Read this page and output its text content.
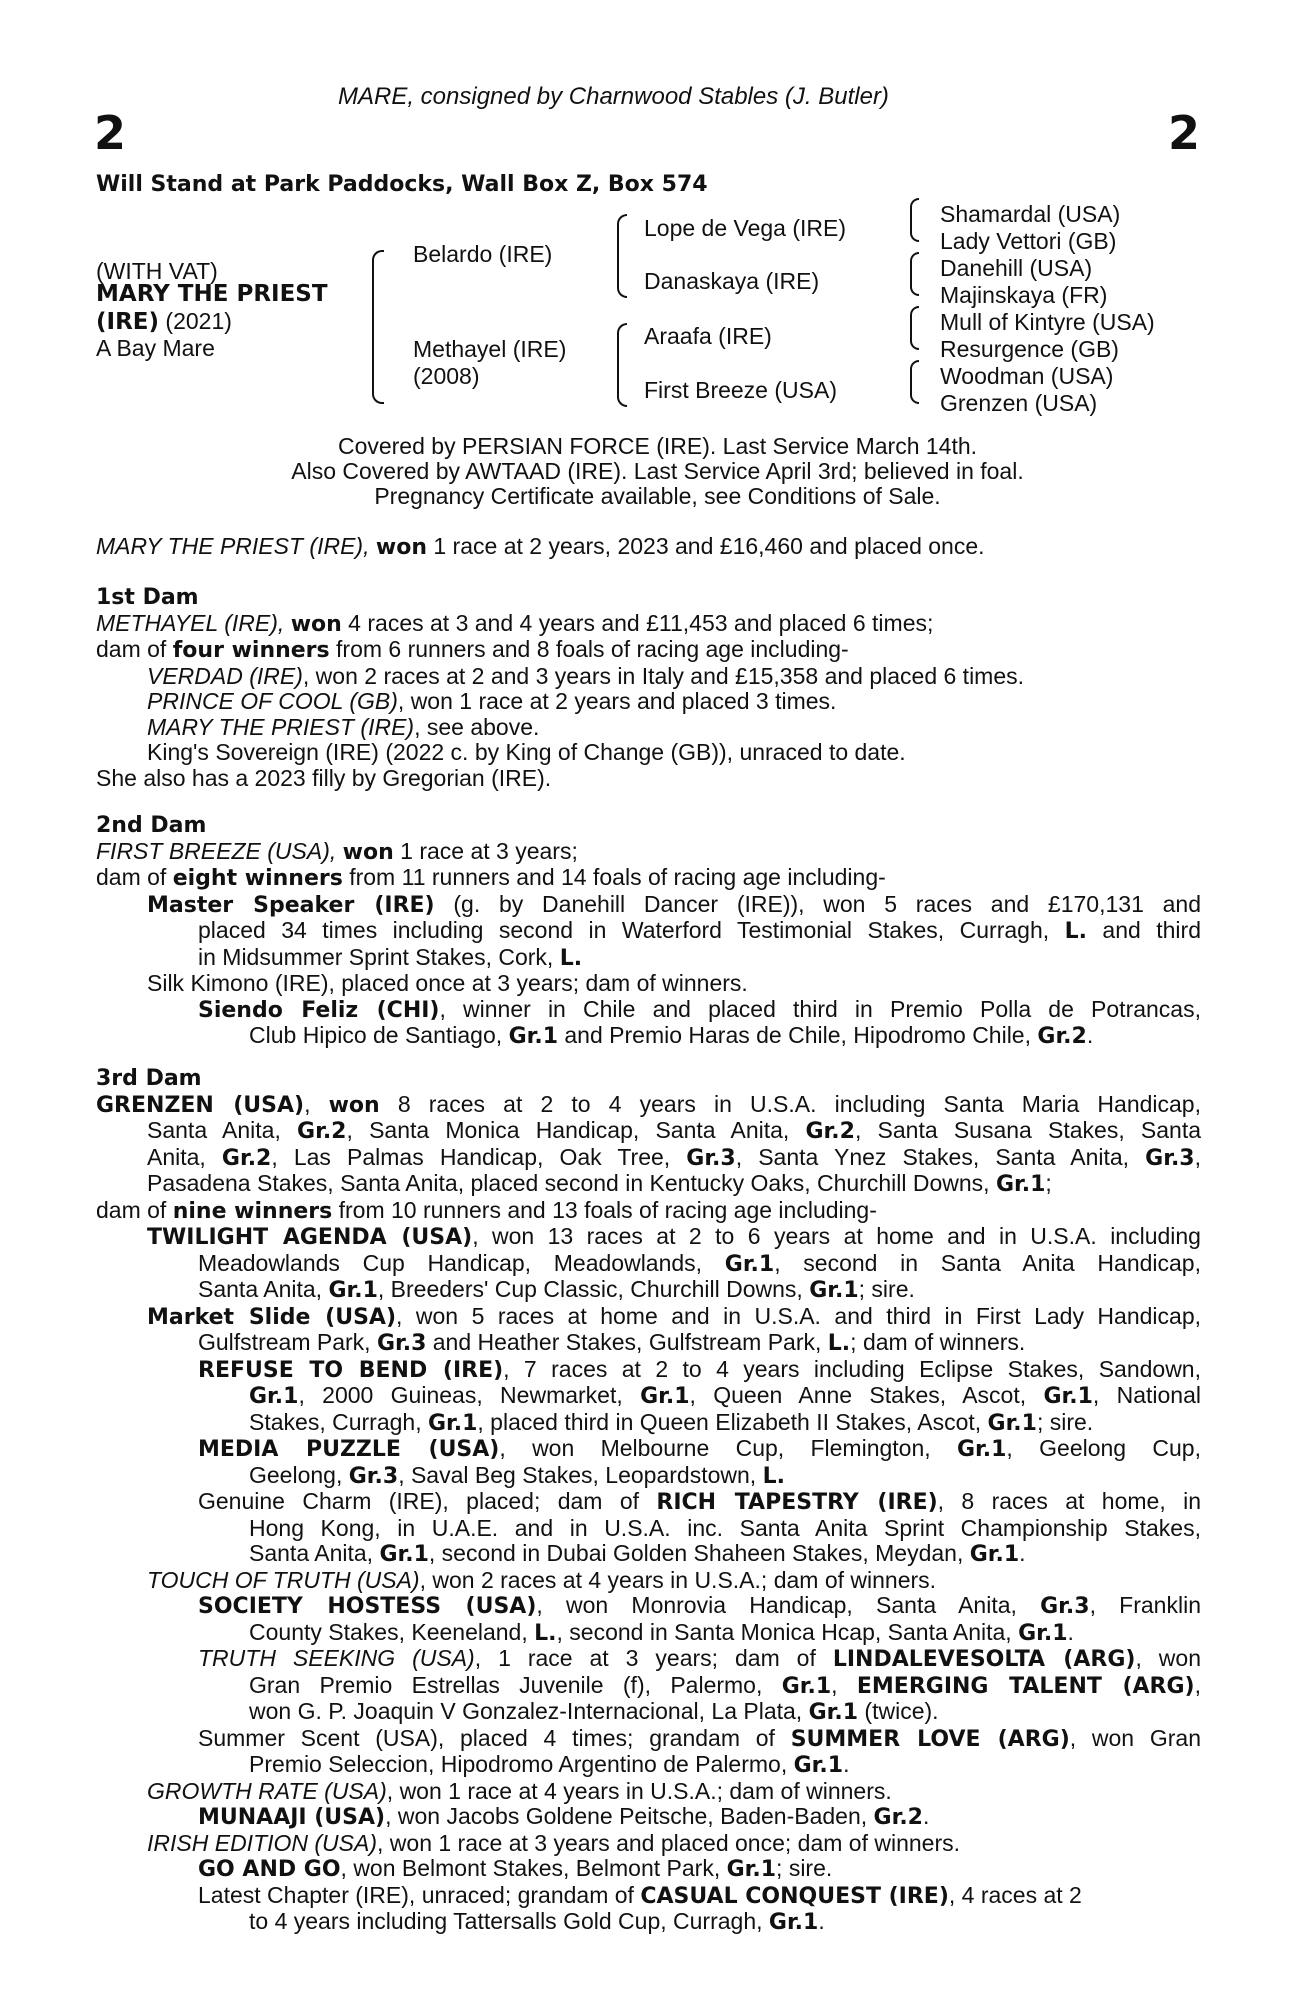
MARE, consigned by Charnwood Stables (J. Butler)
2	2
Will Stand at Park Paddocks, Wall Box Z, Box 574
(WITH VAT)
MARY THE PRIEST
(IRE) (2021)
A Bay Mare
Belardo (IRE)
Methayel (IRE)
(2008)
Lope de Vega (IRE)
Danaskaya (IRE)
Araafa (IRE)
First Breeze (USA)
Shamardal (USA)
Lady Vettori (GB)
Danehill (USA)
Majinskaya (FR)
Mull of Kintyre (USA)
Resurgence (GB)
Woodman (USA)
Grenzen (USA)
Covered by PERSIAN FORCE (IRE). Last Service March 14th.
Also Covered by AWTAAD (IRE). Last Service April 3rd; believed in foal.
Pregnancy Certificate available, see Conditions of Sale.
MARY THE PRIEST (IRE), won 1 race at 2 years, 2023 and £16,460 and placed once.
1st Dam
METHAYEL (IRE), won 4 races at 3 and 4 years and £11,453 and placed 6 times;
dam of four winners from 6 runners and 8 foals of racing age including-
VERDAD (IRE), won 2 races at 2 and 3 years in Italy and £15,358 and placed 6 times.
PRINCE OF COOL (GB), won 1 race at 2 years and placed 3 times.
MARY THE PRIEST (IRE), see above.
King's Sovereign (IRE) (2022 c. by King of Change (GB)), unraced to date.
She also has a 2023 filly by Gregorian (IRE).
2nd Dam
FIRST BREEZE (USA), won 1 race at 3 years;
dam of eight winners from 11 runners and 14 foals of racing age including-
Master Speaker (IRE) (g. by Danehill Dancer (IRE)), won 5 races and £170,131 and
placed 34 times including second in Waterford Testimonial Stakes, Curragh, L. and third
in Midsummer Sprint Stakes, Cork, L.
Silk Kimono (IRE), placed once at 3 years; dam of winners.
Siendo Feliz (CHI), winner in Chile and placed third in Premio Polla de Potrancas,
Club Hipico de Santiago, Gr.1 and Premio Haras de Chile, Hipodromo Chile, Gr.2.
3rd Dam
GRENZEN (USA), won 8 races at 2 to 4 years in U.S.A. including Santa Maria Handicap,
Santa Anita, Gr.2, Santa Monica Handicap, Santa Anita, Gr.2, Santa Susana Stakes, Santa
Anita, Gr.2, Las Palmas Handicap, Oak Tree, Gr.3, Santa Ynez Stakes, Santa Anita, Gr.3,
Pasadena Stakes, Santa Anita, placed second in Kentucky Oaks, Churchill Downs, Gr.1;
dam of nine winners from 10 runners and 13 foals of racing age including-
TWILIGHT AGENDA (USA), won 13 races at 2 to 6 years at home and in U.S.A. including
Meadowlands Cup Handicap, Meadowlands, Gr.1, second in Santa Anita Handicap,
Santa Anita, Gr.1, Breeders' Cup Classic, Churchill Downs, Gr.1; sire.
Market Slide (USA), won 5 races at home and in U.S.A. and third in First Lady Handicap,
Gulfstream Park, Gr.3 and Heather Stakes, Gulfstream Park, L.; dam of winners.
REFUSE TO BEND (IRE), 7 races at 2 to 4 years including Eclipse Stakes, Sandown,
Gr.1, 2000 Guineas, Newmarket, Gr.1, Queen Anne Stakes, Ascot, Gr.1, National
Stakes, Curragh, Gr.1, placed third in Queen Elizabeth II Stakes, Ascot, Gr.1; sire.
MEDIA PUZZLE (USA), won Melbourne Cup, Flemington, Gr.1, Geelong Cup,
Geelong, Gr.3, Saval Beg Stakes, Leopardstown, L.
Genuine Charm (IRE), placed; dam of RICH TAPESTRY (IRE), 8 races at home, in
Hong Kong, in U.A.E. and in U.S.A. inc. Santa Anita Sprint Championship Stakes,
Santa Anita, Gr.1, second in Dubai Golden Shaheen Stakes, Meydan, Gr.1.
TOUCH OF TRUTH (USA), won 2 races at 4 years in U.S.A.; dam of winners.
SOCIETY HOSTESS (USA), won Monrovia Handicap, Santa Anita, Gr.3, Franklin
County Stakes, Keeneland, L., second in Santa Monica Hcap, Santa Anita, Gr.1.
TRUTH SEEKING (USA), 1 race at 3 years; dam of LINDALEVESOLTA (ARG), won
Gran Premio Estrellas Juvenile (f), Palermo, Gr.1, EMERGING TALENT (ARG),
won G. P. Joaquin V Gonzalez-Internacional, La Plata, Gr.1 (twice).
Summer Scent (USA), placed 4 times; grandam of SUMMER LOVE (ARG), won Gran
Premio Seleccion, Hipodromo Argentino de Palermo, Gr.1.
GROWTH RATE (USA), won 1 race at 4 years in U.S.A.; dam of winners.
MUNAAJI (USA), won Jacobs Goldene Peitsche, Baden-Baden, Gr.2.
IRISH EDITION (USA), won 1 race at 3 years and placed once; dam of winners.
GO AND GO, won Belmont Stakes, Belmont Park, Gr.1; sire.
Latest Chapter (IRE), unraced; grandam of CASUAL CONQUEST (IRE), 4 races at 2
to 4 years including Tattersalls Gold Cup, Curragh, Gr.1.
